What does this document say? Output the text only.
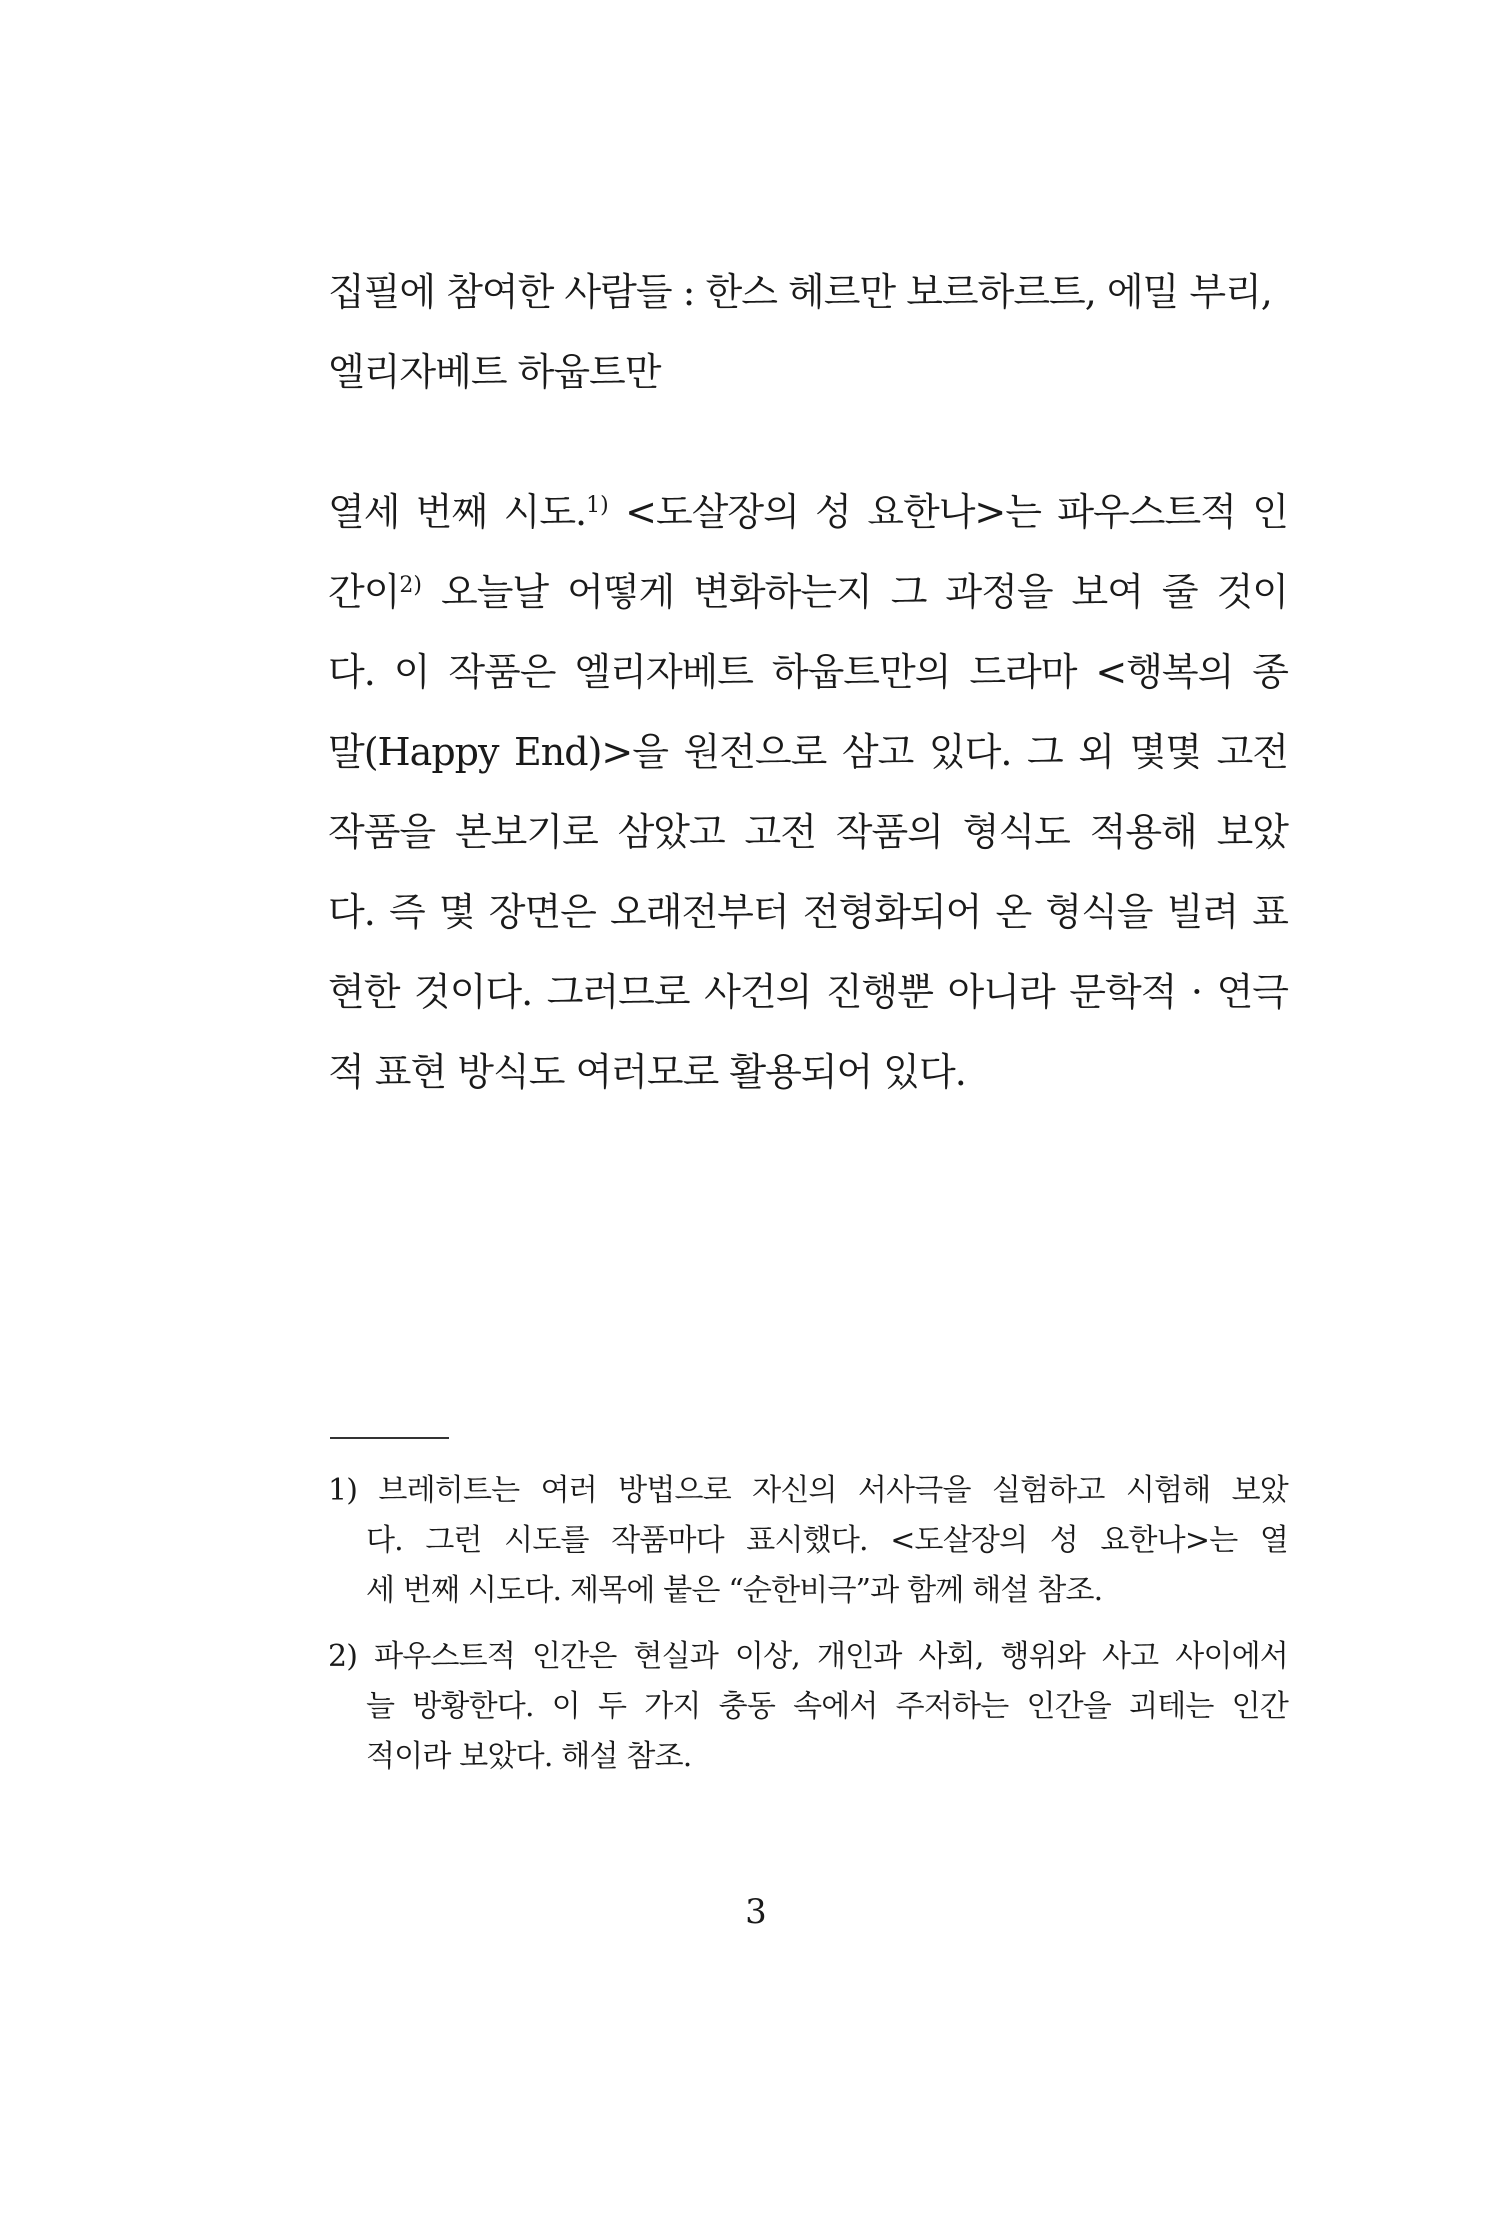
집필에 참여한 사람들 : 한스 헤르만 보르하르트, 에밀 부리,
엘리자베트 하웁트만
열세 번째 시도.$^{1)}$ <도살장의 성 요한나>는 파우스트적 인
간이$^{2)}$ 오늘날 어떻게 변화하는지 그 과정을 보여 줄 것이
다. 이 작품은 엘리자베트 하웁트만의 드라마 <행복의 종
말(Happy End)>을 원전으로 삼고 있다. 그 외 몇몇 고전
작품을 본보기로 삼았고 고전 작품의 형식도 적용해 보았
다. 즉 몇 장면은 오래전부터 전형화되어 온 형식을 빌려 표
현한 것이다. 그러므로 사건의 진행뿐 아니라 문학적 · 연극
적 표현 방식도 여러모로 활용되어 있다.
1) 브레히트는 여러 방법으로 자신의 서사극을 실험하고 시험해 보았
다. 그런 시도를 작품마다 표시했다. <도살장의 성 요한나>는 열
세 번째 시도다. 제목에 붙은 “순한비극”과 함께 해설 참조.
2) 파우스트적 인간은 현실과 이상, 개인과 사회, 행위와 사고 사이에서
늘 방황한다. 이 두 가지 충동 속에서 주저하는 인간을 괴테는 인간
적이라 보았다. 해설 참조.
3
